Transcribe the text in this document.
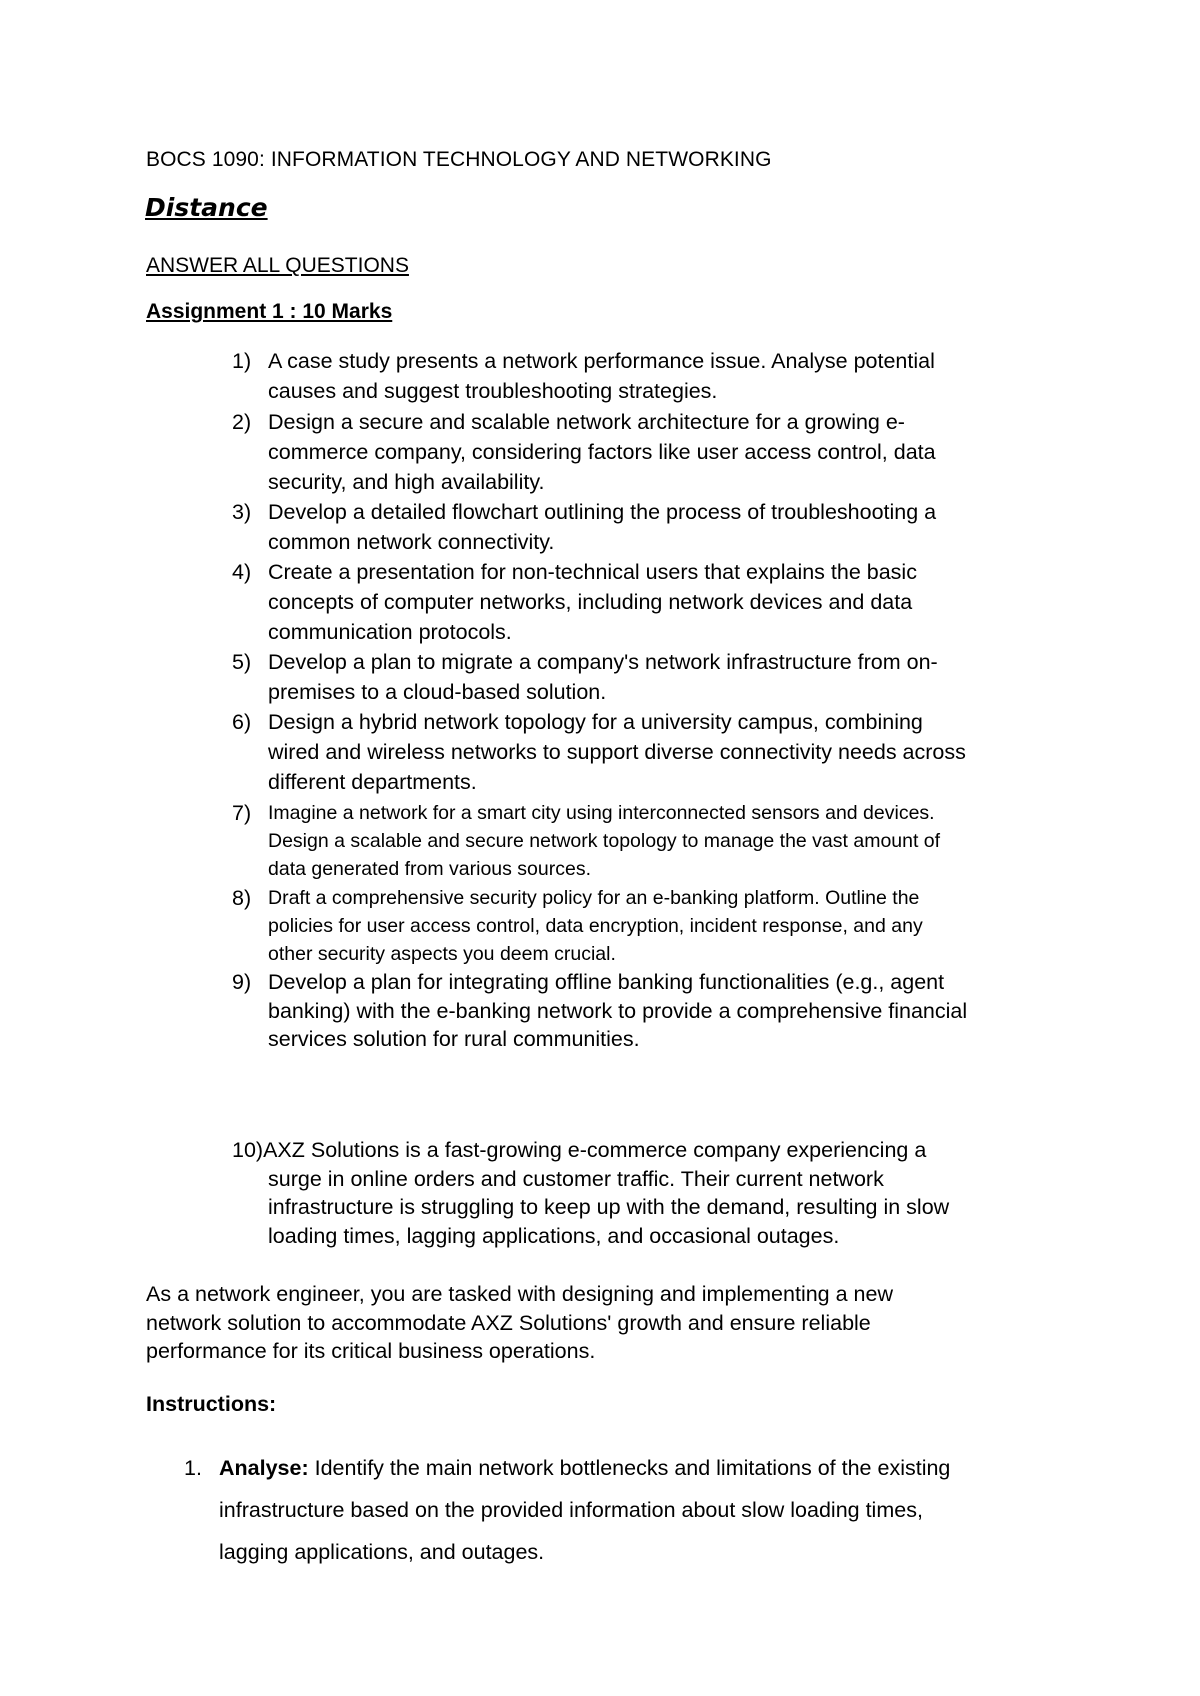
BOCS 1090: INFORMATION TECHNOLOGY AND NETWORKING
Distance
ANSWER ALL QUESTIONS
Assignment 1 : 10 Marks
1) A case study presents a network performance issue. Analyse potential
causes and suggest troubleshooting strategies.
2) Design a secure and scalable network architecture for a growing e-
commerce company, considering factors like user access control, data
security, and high availability.
3) Develop a detailed flowchart outlining the process of troubleshooting a
common network connectivity.
4) Create a presentation for non-technical users that explains the basic
concepts of computer networks, including network devices and data
communication protocols.
5) Develop a plan to migrate a company's network infrastructure from on-
premises to a cloud-based solution.
6) Design a hybrid network topology for a university campus, combining
wired and wireless networks to support diverse connectivity needs across
different departments.
7) Imagine a network for a smart city using interconnected sensors and devices.
Design a scalable and secure network topology to manage the vast amount of
data generated from various sources.
8) Draft a comprehensive security policy for an e-banking platform. Outline the
policies for user access control, data encryption, incident response, and any
other security aspects you deem crucial.
9) Develop a plan for integrating offline banking functionalities (e.g., agent
banking) with the e-banking network to provide a comprehensive financial
services solution for rural communities.
10)AXZ Solutions is a fast-growing e-commerce company experiencing a
surge in online orders and customer traffic. Their current network
infrastructure is struggling to keep up with the demand, resulting in slow
loading times, lagging applications, and occasional outages.
As a network engineer, you are tasked with designing and implementing a new
network solution to accommodate AXZ Solutions' growth and ensure reliable
performance for its critical business operations.
Instructions:
1. Analyse: Identify the main network bottlenecks and limitations of the existing
infrastructure based on the provided information about slow loading times,
lagging applications, and outages.
